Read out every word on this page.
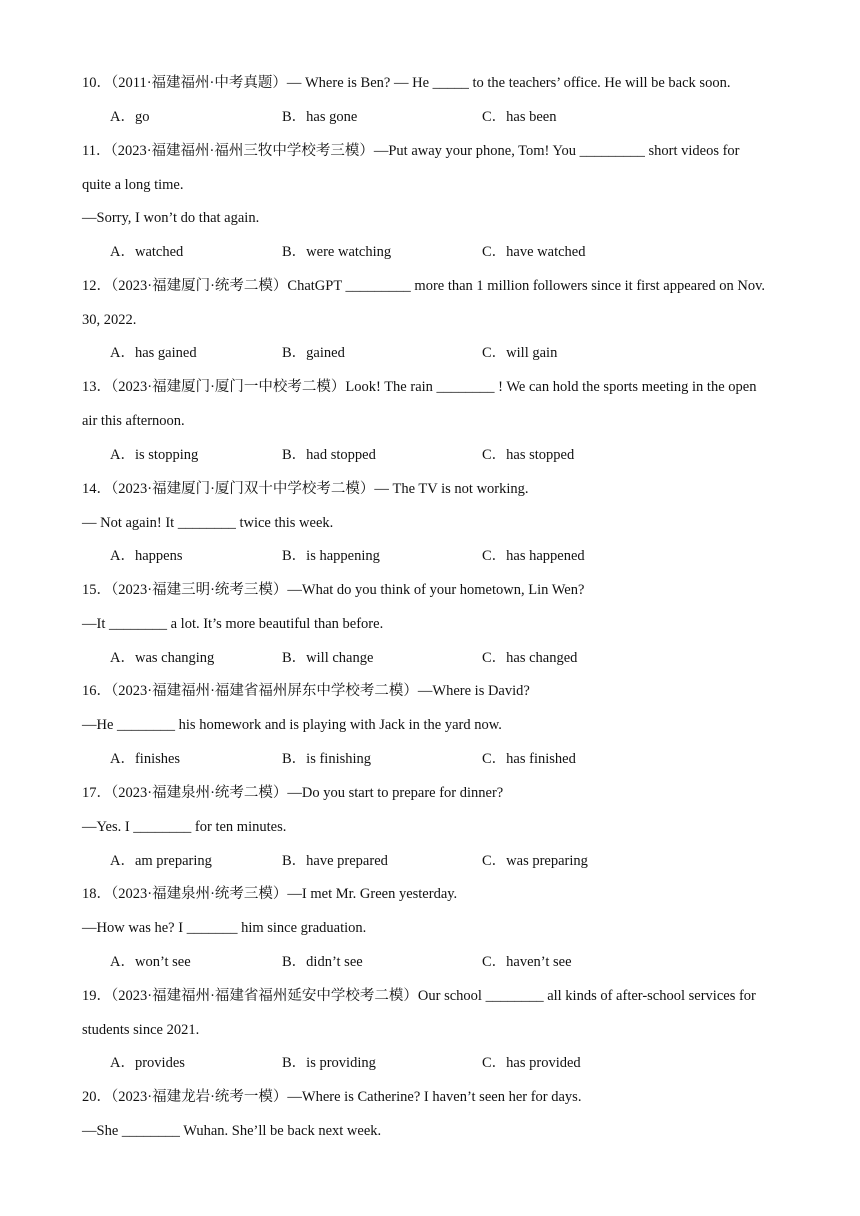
10．（2011·福建福州·中考真题）— Where is Ben? — He _____ to the teachers’ office. He will be back soon.
A．go	B．has gone	C．has been
11．（2023·福建福州·福州三牧中学校考三模）—Put away your phone, Tom! You _________ short videos for
quite a long time.
—Sorry, I won’t do that again.
A．watched	B．were watching	C．have watched
12．（2023·福建厦门·统考二模）ChatGPT _________ more than 1 million followers since it first appeared on Nov.
30, 2022.
A．has gained	B．gained	C．will gain
13．（2023·福建厦门·厦门一中校考二模）Look! The rain ________ ! We can hold the sports meeting in the open
air this afternoon.
A．is stopping	B．had stopped	C．has stopped
14．（2023·福建厦门·厦门双十中学校考二模）— The TV is not working.
— Not again! It ________ twice this week.
A．happens	B．is happening	C．has happened
15．（2023·福建三明·统考三模）—What do you think of your hometown, Lin Wen?
—It ________ a lot. It’s more beautiful than before.
A．was changing	B．will change	C．has changed
16．（2023·福建福州·福建省福州屏东中学校考二模）—Where is David?
—He ________ his homework and is playing with Jack in the yard now.
A．finishes	B．is finishing	C．has finished
17．（2023·福建泉州·统考二模）—Do you start to prepare for dinner?
—Yes. I ________ for ten minutes.
A．am preparing	B．have prepared	C．was preparing
18．（2023·福建泉州·统考三模）—I met Mr. Green yesterday.
—How was he? I _______ him since graduation.
A．won’t see	B．didn’t see	C．haven’t see
19．（2023·福建福州·福建省福州延安中学校考二模）Our school ________ all kinds of after-school services for
students since 2021.
A．provides	B．is providing	C．has provided
20．（2023·福建龙岩·统考一模）—Where is Catherine? I haven’t seen her for days.
—She ________ Wuhan. She’ll be back next week.
